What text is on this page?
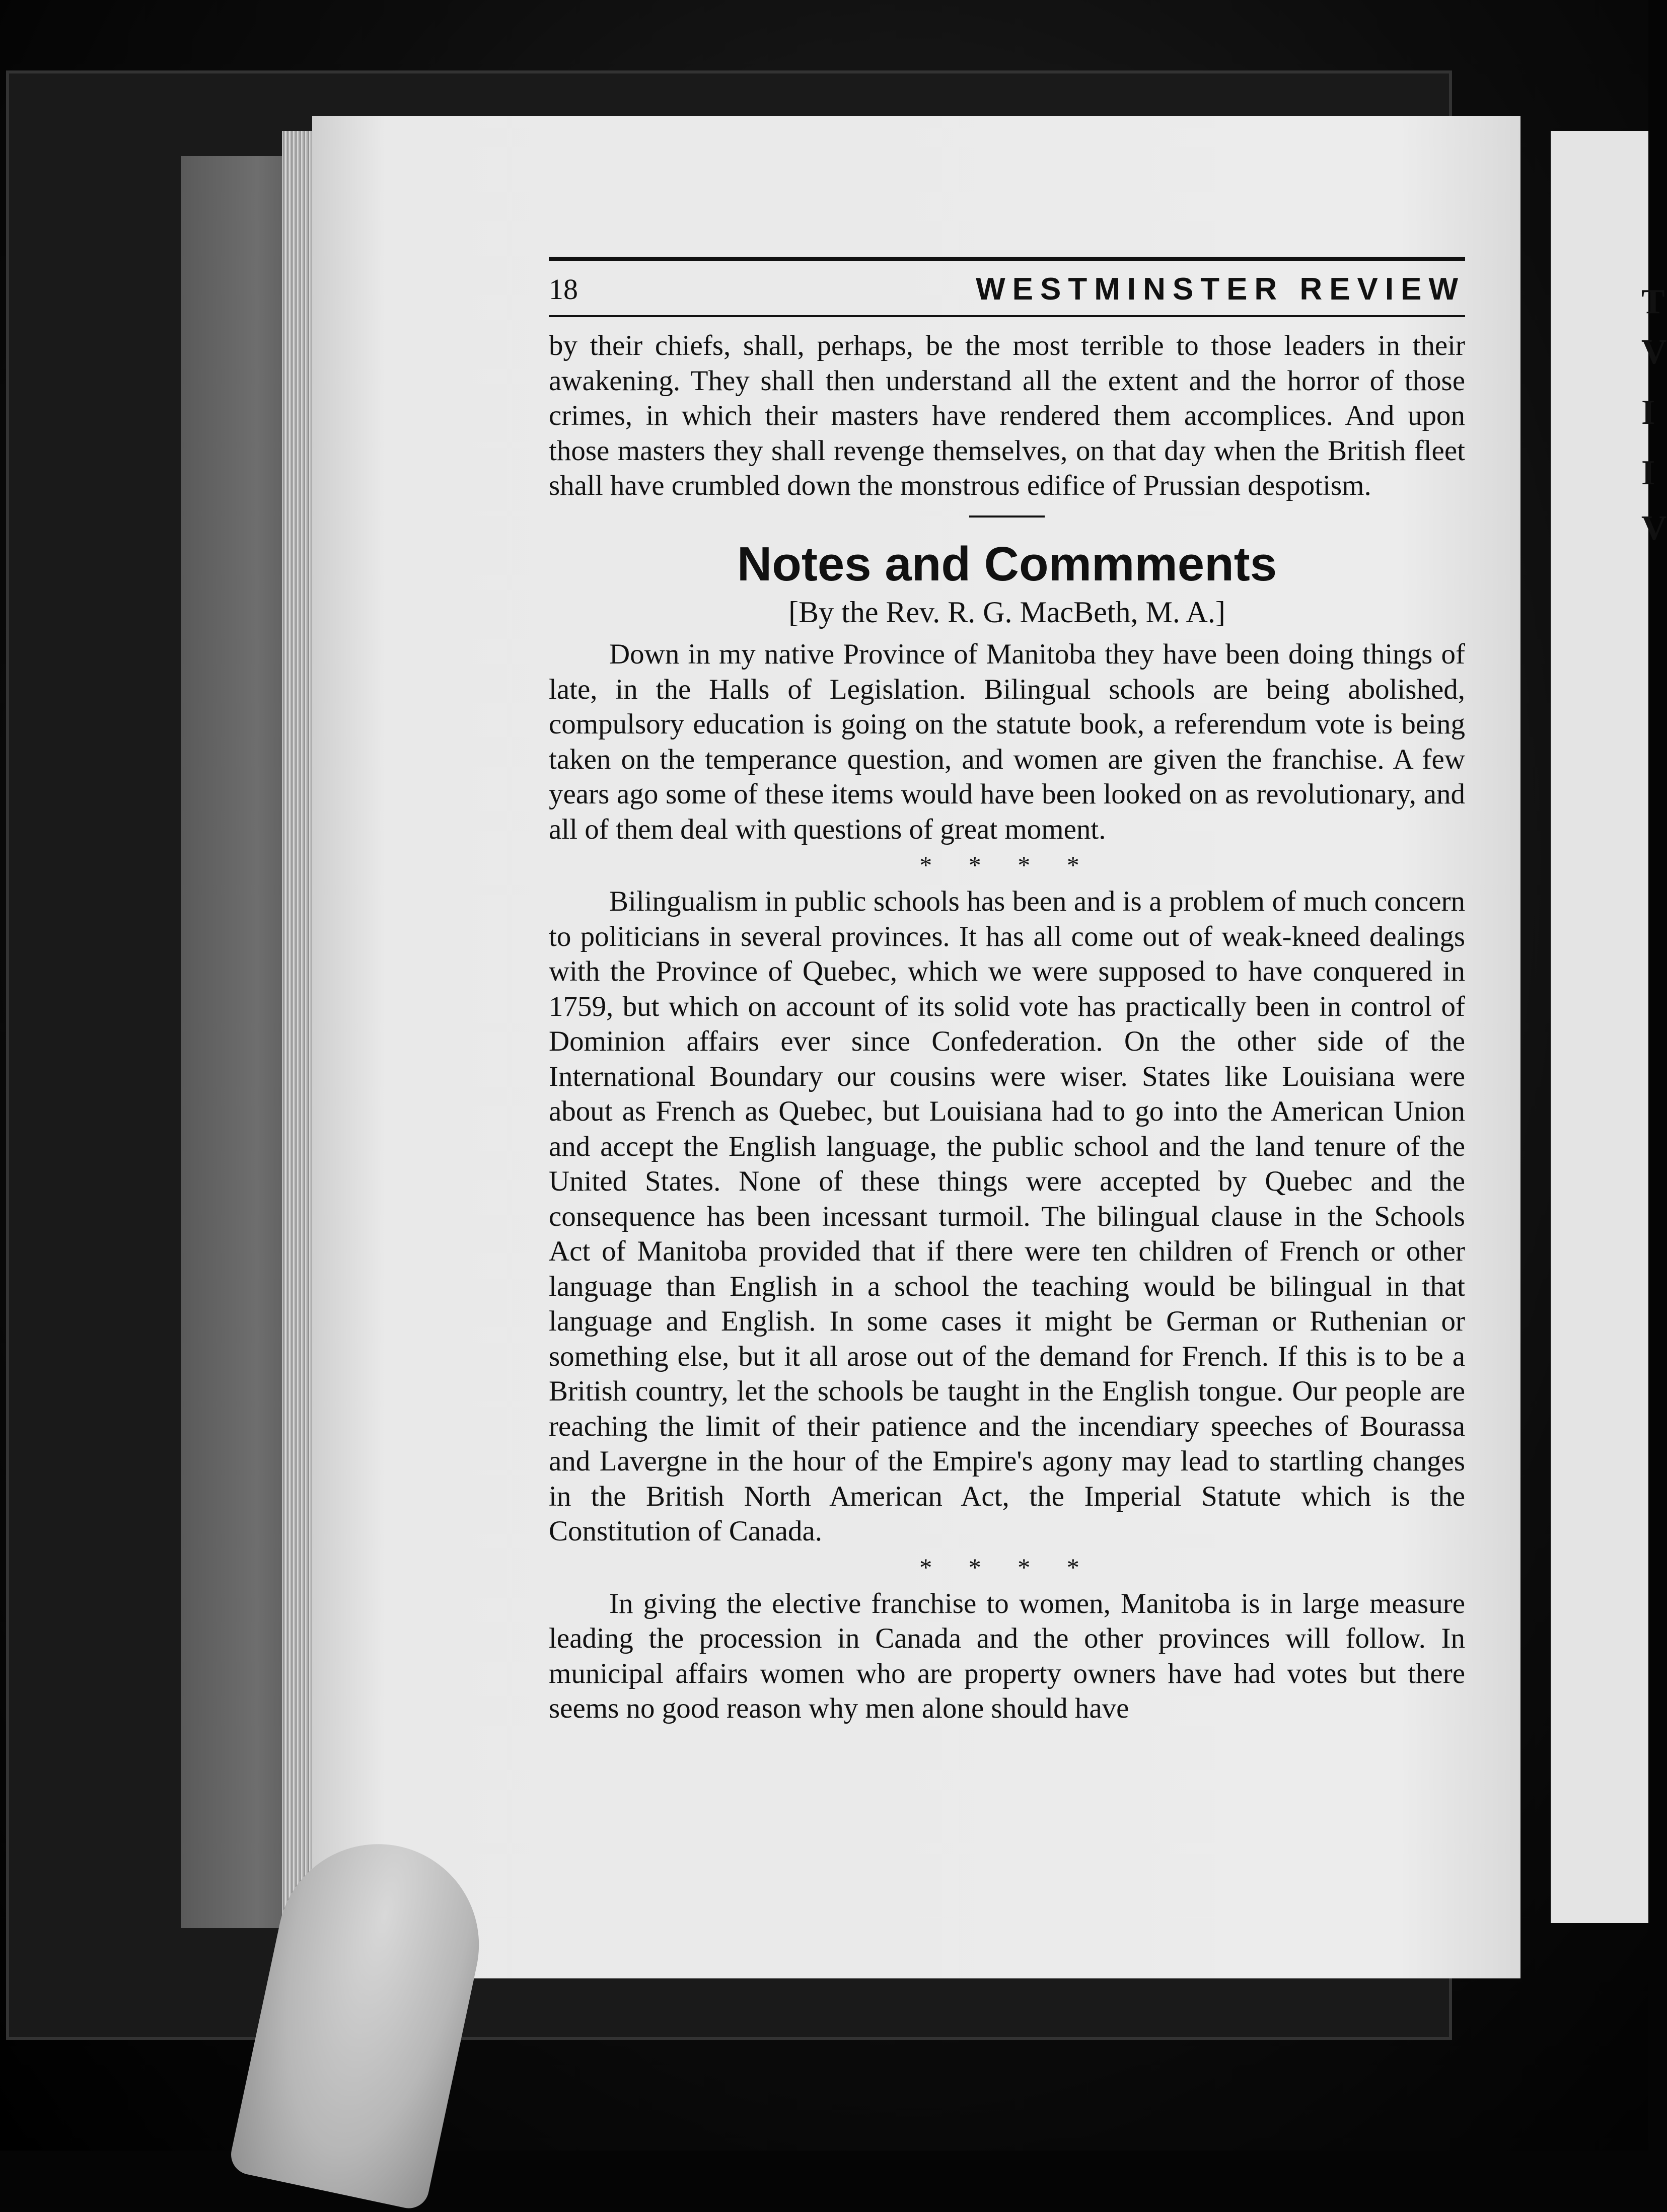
T
V
I
I
V
18	WESTMINSTER REVIEW

by their chiefs, shall, perhaps, be the most terrible to those leaders in their awakening. They shall then understand all the extent and the horror of those crimes, in which their masters have rendered them accomplices. And upon those masters they shall revenge themselves, on that day when the British fleet shall have crumbled down the monstrous edifice of Prussian despotism.

Notes and Commments
[By the Rev. R. G. MacBeth, M. A.]

Down in my native Province of Manitoba they have been doing things of late, in the Halls of Legislation. Bilingual schools are being abolished, compulsory education is going on the statute book, a referendum vote is being taken on the temperance question, and women are given the franchise. A few years ago some of these items would have been looked on as revolutionary, and all of them deal with questions of great moment.

* * * *

Bilingualism in public schools has been and is a problem of much concern to politicians in several provinces. It has all come out of weak-kneed dealings with the Province of Quebec, which we were supposed to have conquered in 1759, but which on account of its solid vote has practically been in control of Dominion affairs ever since Confederation. On the other side of the International Boundary our cousins were wiser. States like Louisiana were about as French as Quebec, but Louisiana had to go into the American Union and accept the English language, the public school and the land tenure of the United States. None of these things were accepted by Quebec and the consequence has been incessant turmoil. The bilingual clause in the Schools Act of Manitoba provided that if there were ten children of French or other language than English in a school the teaching would be bilingual in that language and English. In some cases it might be German or Ruthenian or something else, but it all arose out of the demand for French. If this is to be a British country, let the schools be taught in the English tongue. Our people are reaching the limit of their patience and the incendiary speeches of Bourassa and Lavergne in the hour of the Empire's agony may lead to startling changes in the British North American Act, the Imperial Statute which is the Constitution of Canada.

* * * *

In giving the elective franchise to women, Manitoba is in large measure leading the procession in Canada and the other provinces will follow. In municipal affairs women who are property owners have had votes but there seems no good reason why men alone should have
